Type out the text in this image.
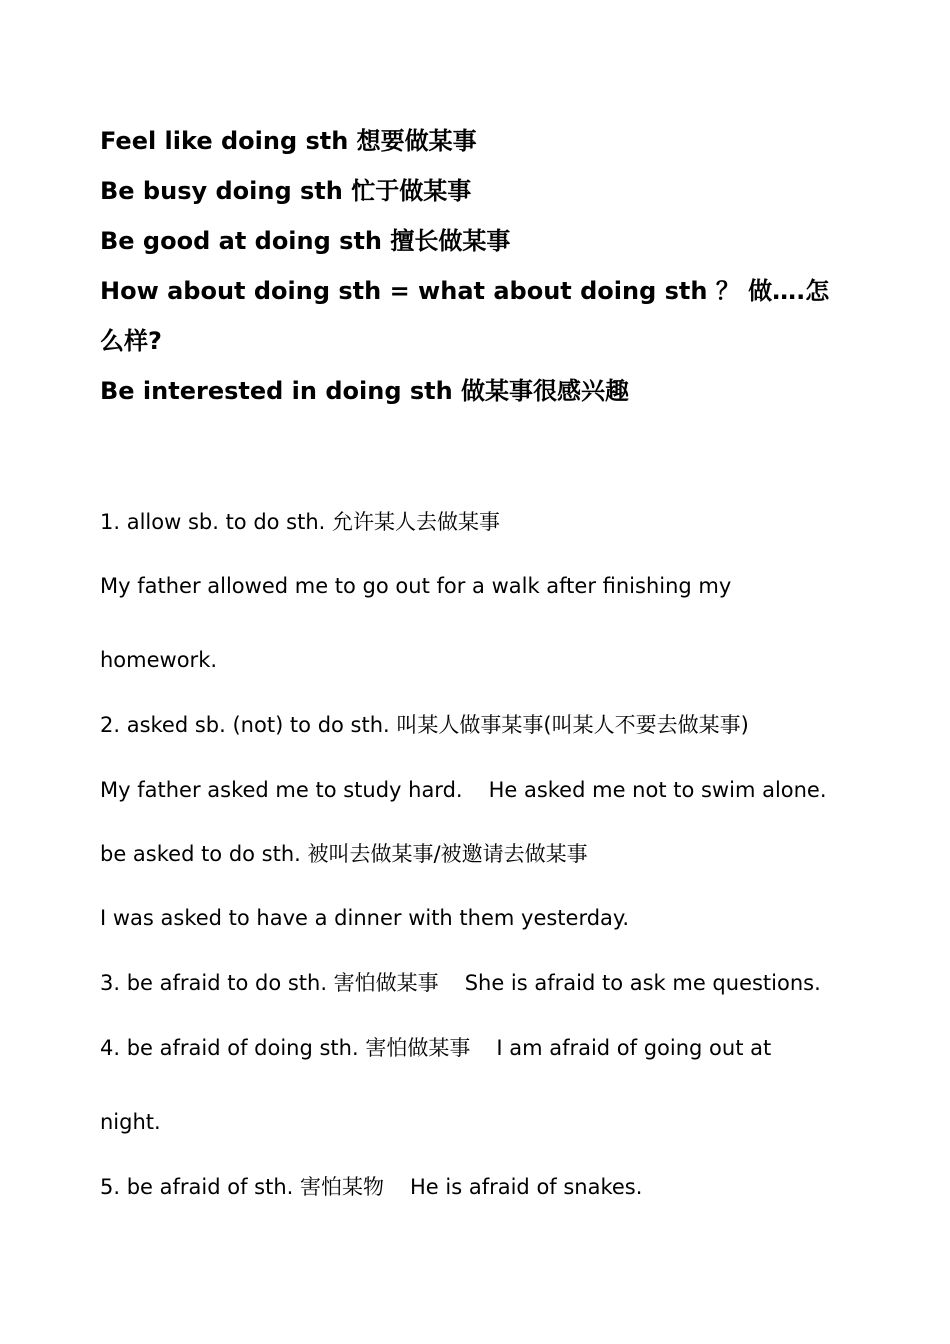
Feel like doing sth 想要做某事

Be busy doing sth 忙于做某事

Be good at doing sth 擅长做某事

How about doing sth = what about doing sth ？ 做….怎么样?

Be interested in doing sth 做某事很感兴趣

1. allow sb. to do sth. 允许某人去做某事

My father allowed me to go out for a walk after finishing my

homework.

2. asked sb. (not) to do sth. 叫某人做事某事(叫某人不要去做某事)

My father asked me to study hard. He asked me not to swim alone.

be asked to do sth. 被叫去做某事/被邀请去做某事

I was asked to have a dinner with them yesterday.

3. be afraid to do sth. 害怕做某事 She is afraid to ask me questions.

4. be afraid of doing sth. 害怕做某事 I am afraid of going out at

night.

5. be afraid of sth. 害怕某物 He is afraid of snakes.
